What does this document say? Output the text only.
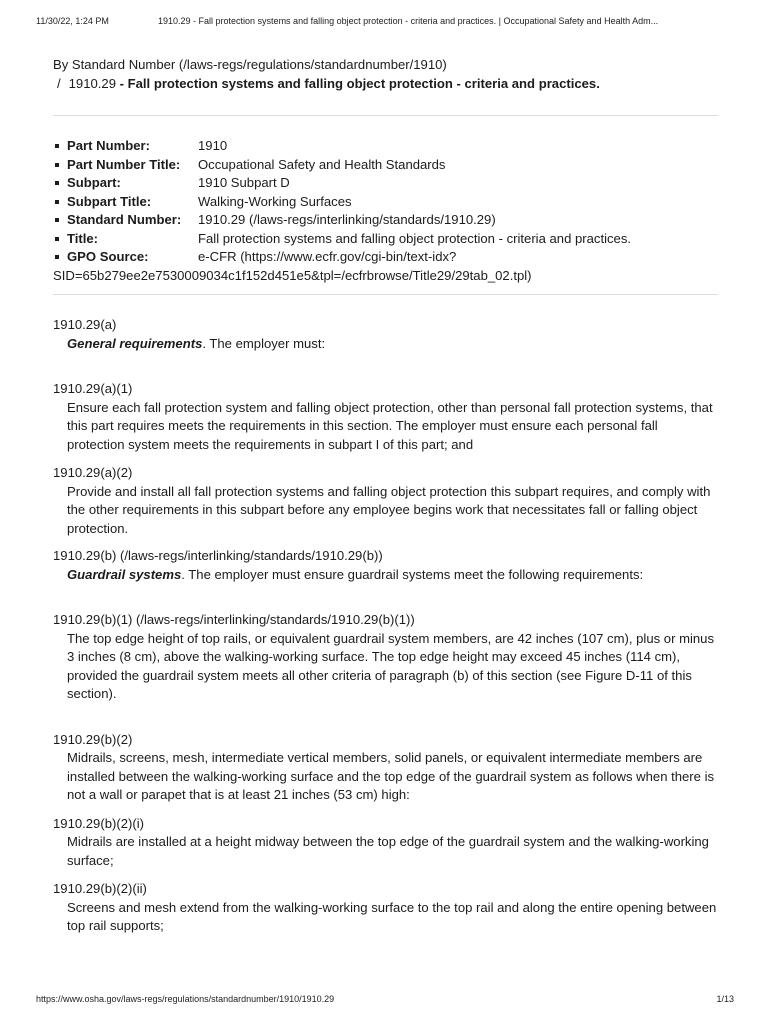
11/30/22, 1:24 PM	1910.29 - Fall protection systems and falling object protection - criteria and practices. | Occupational Safety and Health Adm...

By Standard Number (/laws-regs/regulations/standardnumber/1910)

/ 1910.29 - Fall protection systems and falling object protection - criteria and practices.

Part Number:	1910
Part Number Title: Occupational Safety and Health Standards
Subpart:	1910 Subpart D
Subpart Title:	Walking-Working Surfaces
Standard Number: 1910.29 (/laws-regs/interlinking/standards/1910.29)
Title:	Fall protection systems and falling object protection - criteria and practices.
GPO Source:	e-CFR (https://www.ecfr.gov/cgi-bin/text-idx?
SID=65b279ee2e7530009034c1f152d451e5&tpl=/ecfrbrowse/Title29/29tab_02.tpl)

1910.29(a)

General requirements. The employer must:

1910.29(a)(1)

Ensure each fall protection system and falling object protection, other than personal fall protection systems, that this part requires meets the requirements in this section. The employer must ensure each personal fall protection system meets the requirements in subpart I of this part; and

1910.29(a)(2)

Provide and install all fall protection systems and falling object protection this subpart requires, and comply with the other requirements in this subpart before any employee begins work that necessitates fall or falling object protection.

1910.29(b) (/laws-regs/interlinking/standards/1910.29(b))

Guardrail systems. The employer must ensure guardrail systems meet the following requirements:

1910.29(b)(1) (/laws-regs/interlinking/standards/1910.29(b)(1))

The top edge height of top rails, or equivalent guardrail system members, are 42 inches (107 cm), plus or minus 3 inches (8 cm), above the walking-working surface. The top edge height may exceed 45 inches (114 cm), provided the guardrail system meets all other criteria of paragraph (b) of this section (see Figure D-11 of this section).

1910.29(b)(2)

Midrails, screens, mesh, intermediate vertical members, solid panels, or equivalent intermediate members are installed between the walking-working surface and the top edge of the guardrail system as follows when there is not a wall or parapet that is at least 21 inches (53 cm) high:

1910.29(b)(2)(i)

Midrails are installed at a height midway between the top edge of the guardrail system and the walking-working surface;

1910.29(b)(2)(ii)

Screens and mesh extend from the walking-working surface to the top rail and along the entire opening between top rail supports;

https://www.osha.gov/laws-regs/regulations/standardnumber/1910/1910.29	1/13
